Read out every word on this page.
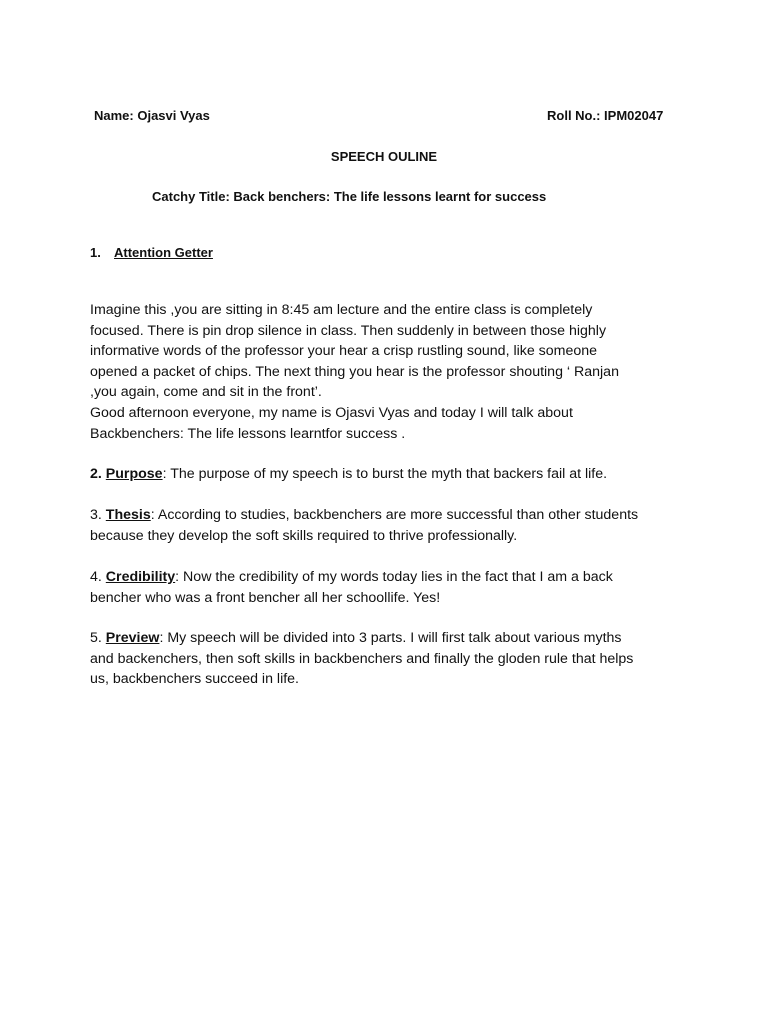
Name: Ojasvi Vyas	Roll No.: IPM02047
SPEECH OULINE
Catchy Title: Back benchers: The life lessons learnt for success
1. Attention Getter
Imagine this ,you are sitting in 8:45 am lecture and the entire class is completely
focused. There is pin drop silence in class. Then suddenly in between those highly
informative words of the professor your hear a crisp rustling sound, like someone
opened a packet of chips. The next thing you hear is the professor shouting ‘ Ranjan
,you again, come and sit in the front’.
Good afternoon everyone, my name is Ojasvi Vyas and today I will talk about
Backbenchers: The life lessons learntfor success .
2. Purpose: The purpose of my speech is to burst the myth that backers fail at life.
3. Thesis: According to studies, backbenchers are more successful than other students
because they develop the soft skills required to thrive professionally.
4. Credibility: Now the credibility of my words today lies in the fact that I am a back
bencher who was a front bencher all her schoollife. Yes!
5. Preview: My speech will be divided into 3 parts. I will first talk about various myths
and backenchers, then soft skills in backbenchers and finally the gloden rule that helps
us, backbenchers succeed in life.
